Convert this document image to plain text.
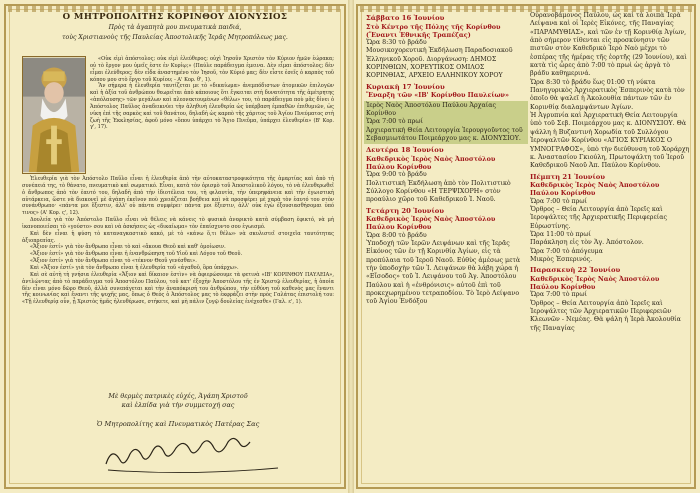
Ο ΜΗΤΡΟΠΟΛΙΤΗΣ ΚΟΡΙΝΘΟΥ ΔΙΟΝΥΣΙΟΣ
Πρὸς τὰ ἀγαπητὰ μου πνευματικὰ παιδιά,
τοὺς Χριστιανοὺς τῆς Παυλείας Ἀποστολικῆς Ἱερᾶς Μητροπόλεως μας.

«Οὐκ εἰμὶ ἀπόστολος; οὐκ εἰμὶ ἐλεύθερος; οὐχὶ Ἰησοῦν Χριστὸν τὸν Κύριον ἡμῶν ἑώρακα; οὐ τὸ ἔργον μου ὑμεῖς ἐστε ἐν Κυρίῳ;» (Παύλε παράδειγμα ἐμεινα. Δὲν εἶμαι ἀπόστολος; δὲν εἶμαι ἐλεύθερος; δὲν εἶδα ἀναστημένο τὸν Ἰησοῦ, τὸν Κύριό μας; δὲν εἶστε ἐσεῖς ὁ καρπὸς τοῦ κόπου μου στὸ ἔργο τοῦ Κυρίου; - Α' Κορ. θ', 1).

Ἂν σήμερα ἡ ἐλευθερία ταυτίζεται με τὸ «δικαίωμα» ἀνεμπόδιστων ἀτομικῶν ἐπιλογῶν καὶ ἡ ἀξία τοῦ ἀνθρώπου θεωρεῖται ἀπὸ κάποιους ὅτι ἔγκειται στὴ δυνατότητα τῆς ἀμέτρητης «ἀπόλαυσης» τῶν μεγάλων καὶ πλεονεκτουμένων «θέλω» του, τὸ παράδειγμα ποὺ μᾶς δίνει ὁ Ἀπόστολος Παῦλος ἀναδεικνύει τὴν ἀληθινὴ ἐλευθερία ὡς ὑπέρβαση ἐμπαθῶν ἐπιθυμιῶν, ὡς νίκη ἐπὶ τῆς σαρκὸς καὶ τοῦ θανάτου, δηλαδὴ ὡς καρπὸ τῆς χάριτος τοῦ Ἁγίου Πνεύματος στὴ ζωὴ τῆς Ἐκκλησίας, ἀφοῦ μόνο «ὅπου ὑπάρχει τὸ Ἅγιο Πνεῦμα, ὑπάρχει ἐλευθερία» (Β' Κορ. γ', 17).

Ἐλευθερία γιὰ τὸν Ἀπόστολο Παῦλο εἶναι ἡ ἐλευθερία ἀπὸ τὴν αὐτοκαταστροφικότητα τῆς ἁμαρτίας καὶ ἀπὸ τὴ συνέπειά της, τὸ θάνατο, πνευματικὸ καὶ σωματικό. Εἶναι, κατὰ τὸν ὁρισμὸ τοῦ Ἀποστολικοῦ λόγου, τὸ νὰ ἐλευθερωθεῖ ὁ ἄνθρωπος ἀπὸ τὸν ἑαυτό του, δηλαδὴ ἀπὸ τὴν ἰδιοτέλεια του, τὴ φιλαυτία, τὴν ὑπερηφάνεια καὶ τὴν ἐγωιστικὴ αὐτάρκεια, ὥστε νὰ διακονεῖ μὲ ἀγάπη ἐκεῖνον ποὺ χρειάζεται βοήθεια καὶ νὰ προσφέρει μὲ χαρὰ τὸν ἑαυτό του στὸν συνάνθρωπο· «πάντα μοι ἔξεστιν, ἀλλ' οὐ πάντα συμφέρει· πάντα μοι ἔξεστιν, ἀλλ' οὐκ ἐγὼ ἐξουσιασθήσομαι ὑπό τινος» (Α' Κορ. ς', 12).

Δουλεία γιὰ τὸν Ἀπόστολο Παῦλο εἶναι νὰ θέλεις νὰ κάνεις τὸ φυσικὰ ἀνεφικτὸ κατὰ σύμβαση ἐφικτό, νὰ μὴ ἱκανοποιείσαι τὸ «γούστο» σου καὶ νὰ ἀσκήσεις ὡς «δικαίωμα» τὸν ἐπαίσχυντο σου ἐγωισμό.

Καὶ δὲν εἶναι ἡ φύση τὸ καταναγκαστικὸ κακό, μὲ τὸ «κάνω ὅ,τι θέλω» νὰ σκυλιστεῖ στοιχεῖα ταυτότητας ἀξιοπρεπίας.

«Ἄξιον ἐστί» γιὰ τὸν ἄνθρωπο εἶναι τὸ καὶ «ἄκουα Θεοῦ καὶ καθ' ὁμοίωσιν.

«Ἄξιον ἐστί» γιὰ τὸν ἄνθρωπο εἶναι ἡ ἐνανθρώπηση τοῦ Υἱοῦ καὶ Λόγου τοῦ Θεοῦ.

«Ἄξιον ἐστί» γιὰ τὸν ἄνθρωπο εἶναι τὸ «τέκνον Θεοῦ γενέσθαι».

Καὶ «Ἄξιον ἐστί» γιὰ τὸν ἄνθρωπο εἶναι ἡ ἐλευθερία τοῦ «ἀγαθοῦ, ὃρα ὑπάρχω».

Καὶ σὲ αὐτὴ τὴ γνήσια ἐλευθερία «Ἄξιον καὶ δίκαιον ἐστὶν» νὰ ἀφιερώσουμε τὰ φετινὰ «ΙΒ' ΚΟΡΙΝΘΟΥ ΠΑΥΛΕΙΑ», ἀντλώντας ἀπὸ τὸ παράδειγμα τοῦ Ἀποστόλου Παύλου, τοῦ κατ' ἐξοχὴν Ἀποστόλου τῆς ἐν Χριστῷ ἐλευθερίας, ἡ ὁποία δὲν εἶναι μόνο δῶρο Θεοῦ, ἀλλὰ συνεπάγεται καὶ τὴν ἀναπόκρισή του ἀνθρώπου, τὴν εὐθύνη τοῦ καθενὸς μας ἔναντι τῆς κοινωνίας καὶ ἔναντι τῆς ψυχῆς μας, ὅπως ὁ Θεὸς ὁ Ἀπόστολος μας τὸ ἐκφράζει στὴν πρὸς Γαλάτας ἐπιστολή του: «Τῇ ἐλευθερίᾳ οὖν, ᾗ Χριστὸς ἡμᾶς ἠλευθέρωσε, στήκετε, καὶ μὴ πάλιν ζυγῷ δουλείας ἐνέχεσθε» (Γαλ. ε', 1).

Μὲ θερμὲς πατρικὲς εὐχές, Ἀγάπη Χριστοῦ
καὶ ἐλπίδα γιὰ τὴν συμμετοχή σας
Ὁ Μητροπολίτης καὶ Πνευματικὸς Πατέρας Σας
Σάββατο 16 Ἰουνίου
Στὸ Κέντρο τῆς Πόλης τῆς Κορίνθου (Ἔναντι Ἐθνικῆς Τραπέζας)
Ὥρα 8:30 τὸ βράδυ
Μουσικοχορευτικὴ Ἐκδήλωση Παραδοσιακοῦ Ἑλληνικοῦ Χοροῦ. Διοργάνωση: ΔΗΜΟΣ ΚΟΡΙΝΘΙΩΝ, ΧΟΡΕΥΤΙΚΟΣ ΟΜΙΛΟΣ ΚΟΡΙΝΘΙΑΣ, ΑΡΧΕΙΟ ΕΛΛΗΝΙΚΟΥ ΧΟΡΟΥ
Κυριακὴ 17 Ἰουνίου
Ἔναρξη τῶν «ΙΒ' Κορίνθου Παυλείων»
Ἱερὸς Ναὸς Ἀποστόλου Παύλου Ἀρχαίας Κορίνθου
Ὥρα 7:00 τὸ πρωί
Ἀρχιερατικὴ Θεία Λειτουργία Ἱερουργοῦντος τοῦ Σεβασμιωτάτου Ποιμεάρχου μας κ. ΔΙΟΝΥΣΙΟΥ.
Δευτέρα 18 Ἰουνίου
Καθεδρικὸς Ἱερὸς Ναὸς Ἀποστόλου Παύλου Κορίνθου
Ὥρα 9:00 τὸ βράδυ
Πολιτιστικὴ Ἐκδήλωση ἀπὸ τὸν Πολιτιστικὸ Σύλλογο Κορίνθου «Η ΤΕΡΨΙΧΟΡΗ» στὸν προαύλιο χῶρο τοῦ Καθεδρικοῦ Ἱ. Ναοῦ.
Τετάρτη 20 Ἰουνίου
Καθεδρικὸς Ἱερὸς Ναὸς Ἀποστόλου Παύλου Κορίνθου
Ὥρα 8:00 τὸ βράδυ
Ὑποδοχὴ τῶν Ἱερῶν Λειψάνων καὶ τῆς Ἱερᾶς Εἰκόνος τῶν ἐν τῇ Κορινθίᾳ Ἀγίων, εἰς τὰ προπύλαια τοῦ Ἱεροῦ Ναοῦ. Εὐθὺς ἀμέσως μετὰ τὴν ὑποδοχὴν τῶν Ἱ. Λειψάνων θὰ λάβη χώρα ἡ «Εἴσοδος» τοῦ Ἱ. Λειψάνου τοῦ Ἁγ. Ἀποστόλου Παύλου καὶ ἡ «ἐνθρόνισις» αὐτοῦ ἐπὶ τοῦ προκεχωρημένου τετραποδίου. Τὸ Ἱερὸ Λείψανο τοῦ Ἁγίου Ἐνδόξου
Οὐρανοβάμονος Παύλου, ὡς καὶ τὰ λοιπὰ Ἱερὰ Λείψανα καὶ οἱ Ἱερὲς Εἰκόνες, τῆς Παναγίας «ΠΑΡΑΜΥΘΙΑΣ», καὶ τῶν ἐν τῇ Κορινθίᾳ Ἀγίων, ἀπὸ σήμερον τίθενται εἰς προσκύνησιν τῶν πιστῶν στὸν Καθεδρικὸ Ἱερὸ Ναὸ μέχρι τὸ ἑσπέρας τῆς ἡμέρας τῆς ἑορτῆς (29 Ἰουνίου), καὶ κατὰ τὶς ὧρες ἀπὸ 7:00 τὸ πρωὶ ὡς ἀργὰ τὸ βράδυ καθημερινά.
Ὥρα 8:30 τὸ βράδυ ἕως 01:00 τὴ νύκτα
Πανηγυρικὸς Ἀρχιερατικὸς Ἑσπερινὸς κατὰ τὸν ὁποῖο θὰ ψαλεῖ ἡ Ἀκολουθία πάντων τῶν ἐν Κορινθίᾳ διαλαμψάντων Ἁγίων.
Ἡ Ἀγρυπνία καὶ Ἀρχιερατικὴ Θεία Λειτουργία ὑπὸ τοῦ Σεβ. Ποιμεάρχου μας κ. ΔΙΟΝΥΣΙΟΥ. Θὰ ψάλλη ἡ Βυζαντινὴ Χορωδία τοῦ Συλλόγου Ἱεροψαλτῶν Κορίνθου «ΑΓΙΟΣ ΚΥΡΙΑΚΟΣ Ο ΥΜΝΟΓΡΑΦΟΣ», ὑπὸ τὴν διεύθυνση τοῦ Χοράρχη κ. Ἀναστασίου Γκιούλη, Πρωτοψάλτη τοῦ Ἱεροῦ Καθεδρικοῦ Ναοῦ Ἀπ. Παύλου Κορίνθου.
Πέμπτη 21 Ἰουνίου
Καθεδρικὸς Ἱερὸς Ναὸς Ἀποστόλου Παύλου Κορίνθου
Ὥρα 7:00 τὸ πρωί
Ὄρθρος – Θεία Λειτουργία ἀπὸ Ἱερεῖς καὶ Ἱεροψάλτες τῆς Ἀρχιερατικῆς Περιφερείας Εὐρωστίνης.
Ὥρα 11:00 τὸ πρωί
Παράκληση εἰς τὸν Ἁγ. Ἀπόστολον.
Ὥρα 7:00 τὸ ἀπόγευμα
Μικρὸς Ἑσπερινός.
Παρασκευὴ 22 Ἰουνίου
Καθεδρικὸς Ἱερὸς Ναὸς Ἀποστόλου Παύλου Κορίνθου
Ὥρα 7:00 τὸ πρωί
Ὄρθρος – Θεία Λειτουργία ἀπὸ Ἱερεῖς καὶ Ἱεροψάλτες τῶν Ἀρχιερατικῶν Περιφερειῶν Κλεωνῶν - Νεμέας. Θὰ ψάλη ἡ Ἱερὰ Ἀκολουθία τῆς Παναγίας
